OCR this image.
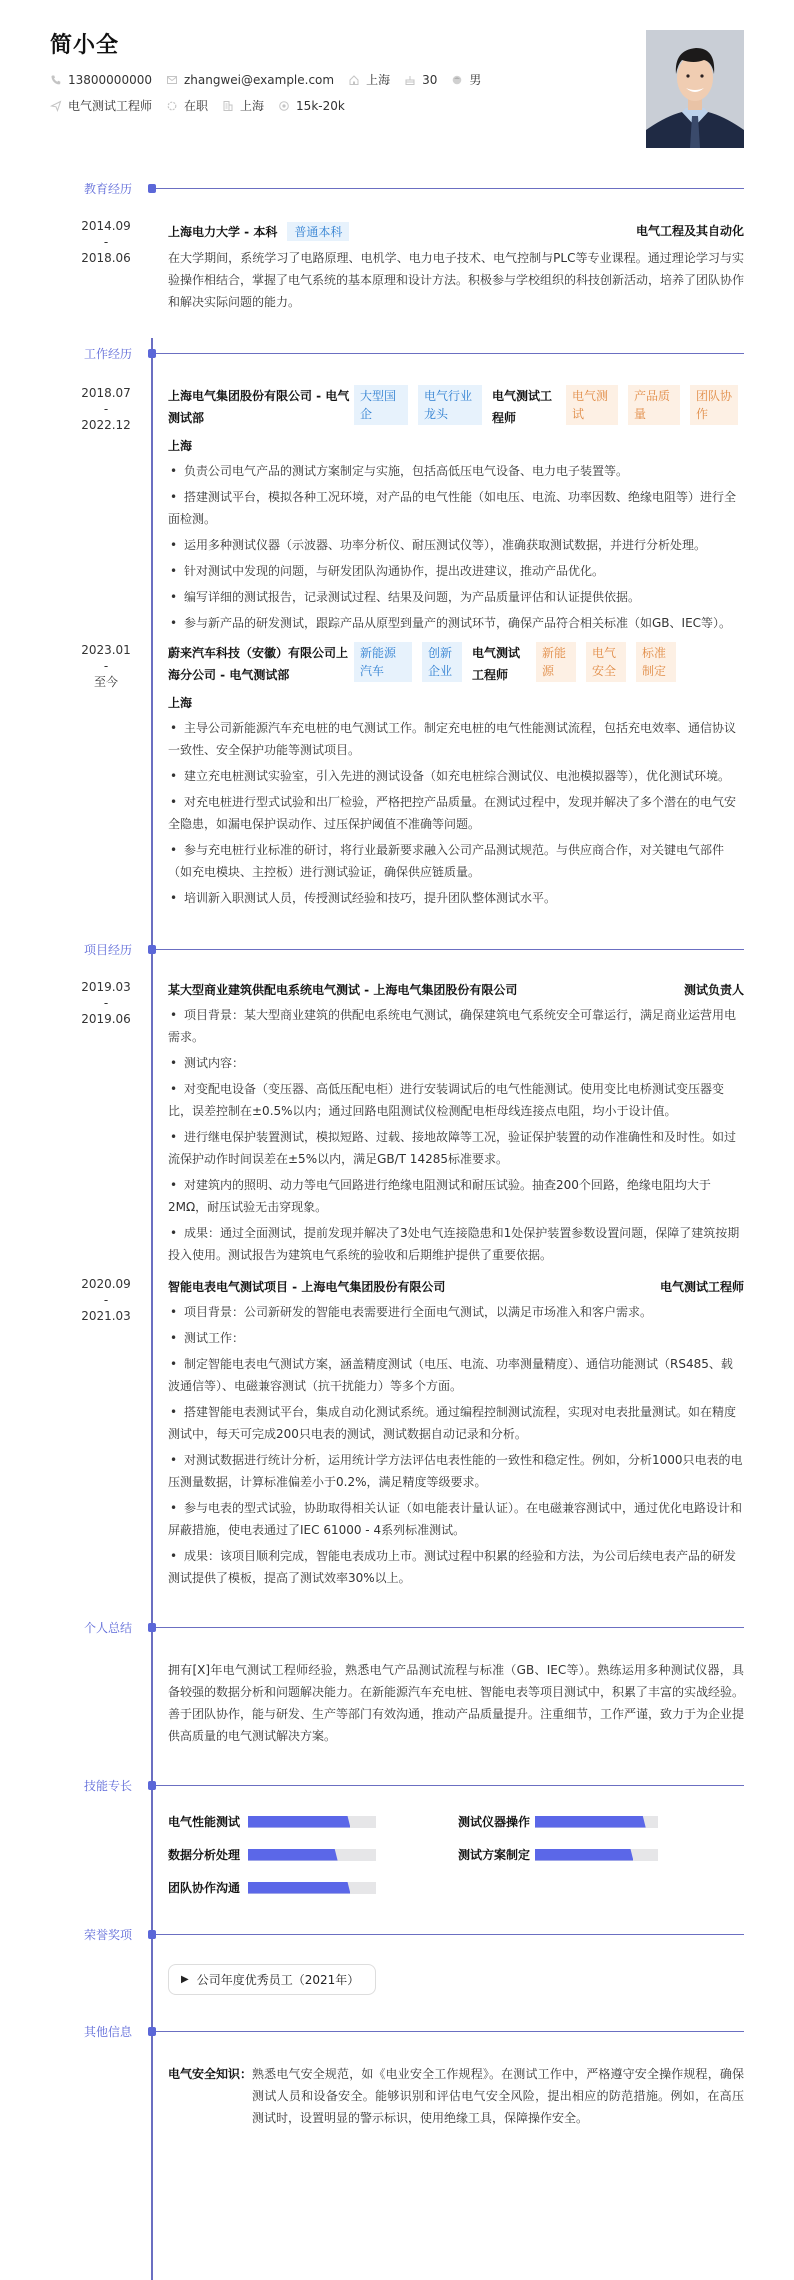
简小全
13800000000	zhangwei@example.com	上海	30	男
电气测试工程师	在职	上海	15k-20k
教育经历
2014.09
-
2018.06
上海电力大学 - 本科	普通本科	电气工程及其自动化
在大学期间，系统学习了电路原理、电机学、电力电子技术、电气控制与PLC等专业课程。通过理论学习与实验操作相结合，掌握了电气系统的基本原理和设计方法。积极参与学校组织的科技创新活动，培养了团队协作和解决实际问题的能力。
工作经历
2018.07
-
2022.12
上海电气集团股份有限公司 - 电气测试部
大型国企
电气行业龙头
电气测试工程师
电气测试
产品质量
团队协作
上海
• 负责公司电气产品的测试方案制定与实施，包括高低压电气设备、电力电子装置等。
• 搭建测试平台，模拟各种工况环境，对产品的电气性能（如电压、电流、功率因数、绝缘电阻等）进行全面检测。
• 运用多种测试仪器（示波器、功率分析仪、耐压测试仪等），准确获取测试数据，并进行分析处理。
• 针对测试中发现的问题，与研发团队沟通协作，提出改进建议，推动产品优化。
• 编写详细的测试报告，记录测试过程、结果及问题，为产品质量评估和认证提供依据。
• 参与新产品的研发测试，跟踪产品从原型到量产的测试环节，确保产品符合相关标准（如GB、IEC等）。
2023.01
-
至今
蔚来汽车科技（安徽）有限公司上海分公司 - 电气测试部
新能源汽车
创新企业
电气测试工程师
新能源
电气安全
标准制定
上海
• 主导公司新能源汽车充电桩的电气测试工作。制定充电桩的电气性能测试流程，包括充电效率、通信协议一致性、安全保护功能等测试项目。
• 建立充电桩测试实验室，引入先进的测试设备（如充电桩综合测试仪、电池模拟器等），优化测试环境。
• 对充电桩进行型式试验和出厂检验，严格把控产品质量。在测试过程中，发现并解决了多个潜在的电气安全隐患，如漏电保护误动作、过压保护阈值不准确等问题。
• 参与充电桩行业标准的研讨，将行业最新要求融入公司产品测试规范。与供应商合作，对关键电气部件（如充电模块、主控板）进行测试验证，确保供应链质量。
• 培训新入职测试人员，传授测试经验和技巧，提升团队整体测试水平。
项目经历
2019.03
-
2019.06
某大型商业建筑供配电系统电气测试 - 上海电气集团股份有限公司	测试负责人
• 项目背景：某大型商业建筑的供配电系统电气测试，确保建筑电气系统安全可靠运行，满足商业运营用电需求。
• 测试内容：
• 对变配电设备（变压器、高低压配电柜）进行安装调试后的电气性能测试。使用变比电桥测试变压器变比，误差控制在±0.5%以内；通过回路电阻测试仪检测配电柜母线连接点电阻，均小于设计值。
• 进行继电保护装置测试，模拟短路、过载、接地故障等工况，验证保护装置的动作准确性和及时性。如过流保护动作时间误差在±5%以内，满足GB/T 14285标准要求。
• 对建筑内的照明、动力等电气回路进行绝缘电阻测试和耐压试验。抽查200个回路，绝缘电阻均大于2MΩ，耐压试验无击穿现象。
• 成果：通过全面测试，提前发现并解决了3处电气连接隐患和1处保护装置参数设置问题，保障了建筑按期投入使用。测试报告为建筑电气系统的验收和后期维护提供了重要依据。
2020.09
-
2021.03
智能电表电气测试项目 - 上海电气集团股份有限公司	电气测试工程师
• 项目背景：公司新研发的智能电表需要进行全面电气测试，以满足市场准入和客户需求。
• 测试工作：
• 制定智能电表电气测试方案，涵盖精度测试（电压、电流、功率测量精度）、通信功能测试（RS485、载波通信等）、电磁兼容测试（抗干扰能力）等多个方面。
• 搭建智能电表测试平台，集成自动化测试系统。通过编程控制测试流程，实现对电表批量测试。如在精度测试中，每天可完成200只电表的测试，测试数据自动记录和分析。
• 对测试数据进行统计分析，运用统计学方法评估电表性能的一致性和稳定性。例如，分析1000只电表的电压测量数据，计算标准偏差小于0.2%，满足精度等级要求。
• 参与电表的型式试验，协助取得相关认证（如电能表计量认证）。在电磁兼容测试中，通过优化电路设计和屏蔽措施，使电表通过了IEC 61000 - 4系列标准测试。
• 成果：该项目顺利完成，智能电表成功上市。测试过程中积累的经验和方法，为公司后续电表产品的研发测试提供了模板，提高了测试效率30%以上。
个人总结
拥有[X]年电气测试工程师经验，熟悉电气产品测试流程与标准（GB、IEC等）。熟练运用多种测试仪器，具备较强的数据分析和问题解决能力。在新能源汽车充电桩、智能电表等项目测试中，积累了丰富的实战经验。善于团队协作，能与研发、生产等部门有效沟通，推动产品质量提升。注重细节，工作严谨，致力于为企业提供高质量的电气测试解决方案。
技能专长
电气性能测试	测试仪器操作
数据分析处理	测试方案制定
团队协作沟通
荣誉奖项
▶ 公司年度优秀员工（2021年）
其他信息
电气安全知识： 熟悉电气安全规范，如《电业安全工作规程》。在测试工作中，严格遵守安全操作规程，确保测试人员和设备安全。能够识别和评估电气安全风险，提出相应的防范措施。例如，在高压测试时，设置明显的警示标识，使用绝缘工具，保障操作安全。
